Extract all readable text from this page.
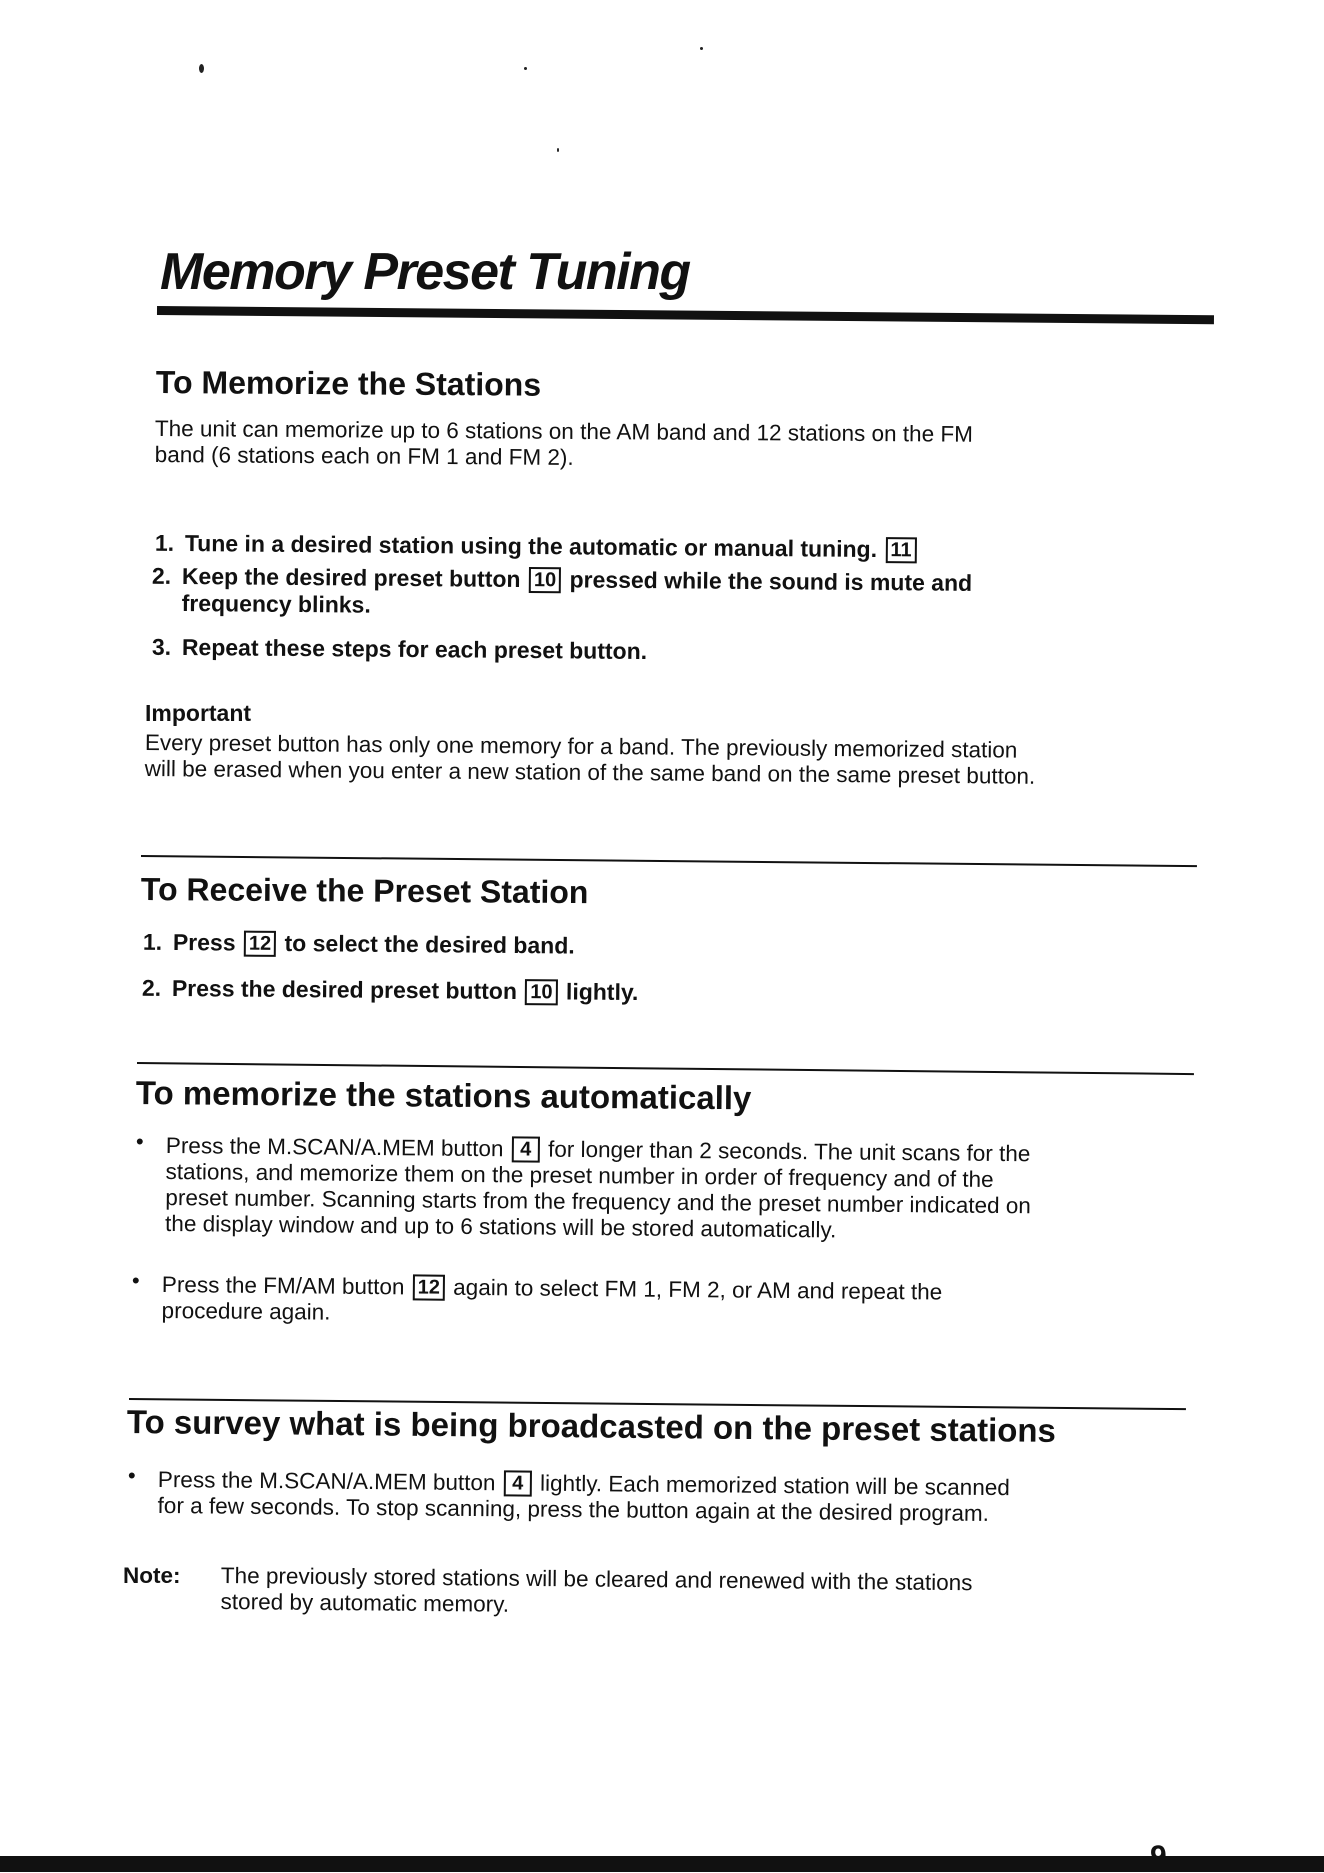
Memory Preset Tuning
To Memorize the Stations
The unit can memorize up to 6 stations on the AM band and 12 stations on the FM
band (6 stations each on FM 1 and FM 2).
1. Tune in a desired station using the automatic or manual tuning. 11
2. Keep the desired preset button 10 pressed while the sound is mute and
frequency blinks.
3. Repeat these steps for each preset button.
Important
Every preset button has only one memory for a band. The previously memorized station
will be erased when you enter a new station of the same band on the same preset button.
To Receive the Preset Station
1. Press 12 to select the desired band.
2. Press the desired preset button 10 lightly.
To memorize the stations automatically
• Press the M.SCAN/A.MEM button 4 for longer than 2 seconds. The unit scans for the
stations, and memorize them on the preset number in order of frequency and of the
preset number. Scanning starts from the frequency and the preset number indicated on
the display window and up to 6 stations will be stored automatically.
• Press the FM/AM button 12 again to select FM 1, FM 2, or AM and repeat the
procedure again.
To survey what is being broadcasted on the preset stations
• Press the M.SCAN/A.MEM button 4 lightly. Each memorized station will be scanned
for a few seconds. To stop scanning, press the button again at the desired program.
Note: The previously stored stations will be cleared and renewed with the stations
stored by automatic memory.
